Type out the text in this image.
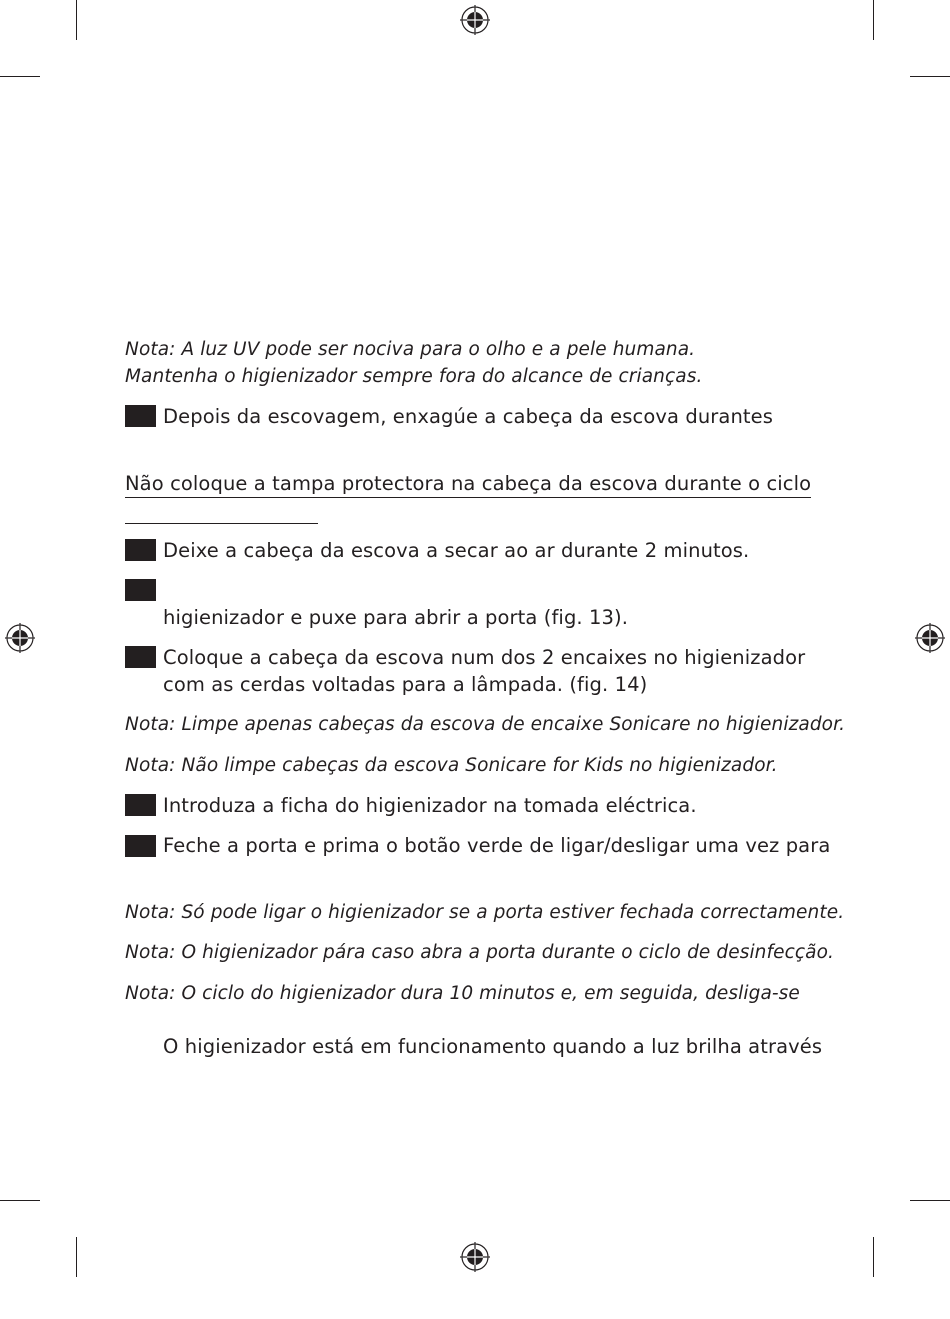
Nota: A luz UV pode ser nociva para o olho e a pele humana.
Mantenha o higienizador sempre fora do alcance de crianças.
Depois da escovagem, enxagúe a cabeça da escova durantes
Não coloque a tampa protectora na cabeça da escova durante o ciclo
Deixe a cabeça da escova a secar ao ar durante 2 minutos.
higienizador e puxe para abrir a porta (fig. 13).
Coloque a cabeça da escova num dos 2 encaixes no higienizador
com as cerdas voltadas para a lâmpada. (fig. 14)
Nota: Limpe apenas cabeças da escova de encaixe Sonicare no higienizador.
Nota: Não limpe cabeças da escova Sonicare for Kids no higienizador.
Introduza a ficha do higienizador na tomada eléctrica.
Feche a porta e prima o botão verde de ligar/desligar uma vez para
Nota: Só pode ligar o higienizador se a porta estiver fechada correctamente.
Nota: O higienizador pára caso abra a porta durante o ciclo de desinfecção.
Nota: O ciclo do higienizador dura 10 minutos e, em seguida, desliga-se
O higienizador está em funcionamento quando a luz brilha através
